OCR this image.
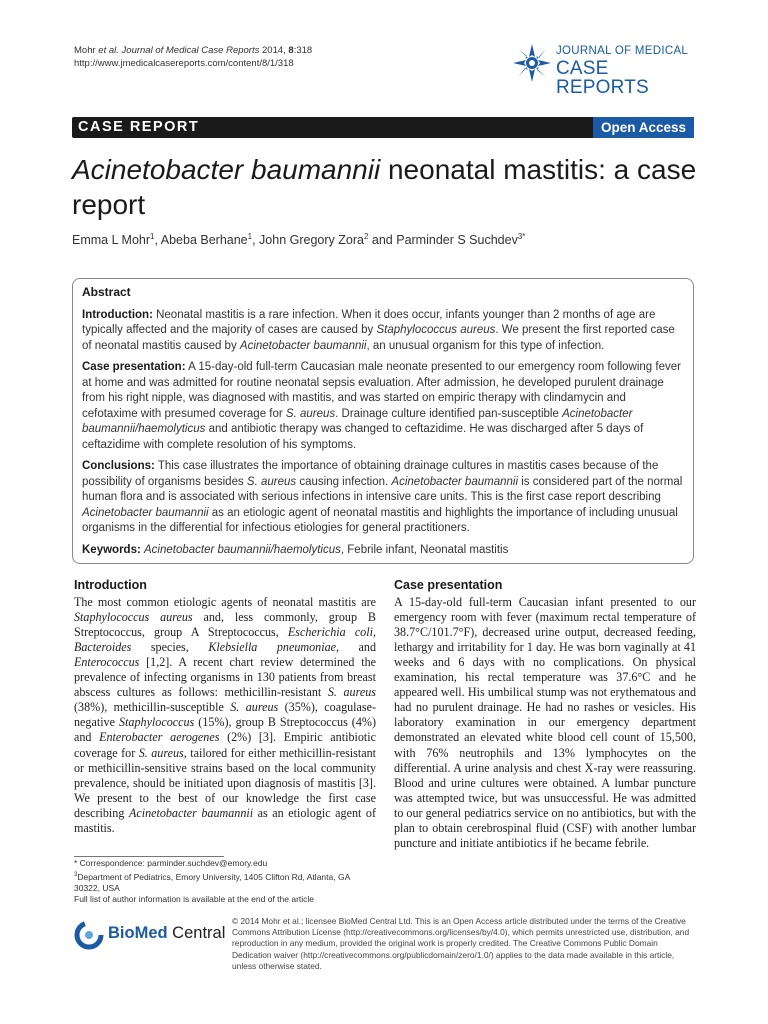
Mohr et al. Journal of Medical Case Reports 2014, 8:318
http://www.jmedicalcasereports.com/content/8/1/318
JOURNAL OF MEDICAL
CASE REPORTS
CASE REPORT	Open Access
Acinetobacter baumannii neonatal mastitis: a case report
Emma L Mohr$^1$, Abeba Berhane$^1$, John Gregory Zora$^2$ and Parminder S Suchdev$^{3*}$
Abstract

Introduction: Neonatal mastitis is a rare infection. When it does occur, infants younger than 2 months of age are typically affected and the majority of cases are caused by Staphylococcus aureus. We present the first reported case of neonatal mastitis caused by Acinetobacter baumannii, an unusual organism for this type of infection.

Case presentation: A 15-day-old full-term Caucasian male neonate presented to our emergency room following fever at home and was admitted for routine neonatal sepsis evaluation. After admission, he developed purulent drainage from his right nipple, was diagnosed with mastitis, and was started on empiric therapy with clindamycin and cefotaxime with presumed coverage for S. aureus. Drainage culture identified pan-susceptible Acinetobacter baumannii/haemolyticus and antibiotic therapy was changed to ceftazidime. He was discharged after 5 days of ceftazidime with complete resolution of his symptoms.

Conclusions: This case illustrates the importance of obtaining drainage cultures in mastitis cases because of the possibility of organisms besides S. aureus causing infection. Acinetobacter baumannii is considered part of the normal human flora and is associated with serious infections in intensive care units. This is the first case report describing Acinetobacter baumannii as an etiologic agent of neonatal mastitis and highlights the importance of including unusual organisms in the differential for infectious etiologies for general practitioners.

Keywords: Acinetobacter baumannii/haemolyticus, Febrile infant, Neonatal mastitis

Introduction

The most common etiologic agents of neonatal mastitis are Staphylococcus aureus and, less commonly, group B Streptococcus, group A Streptococcus, Escherichia coli, Bacteroides species, Klebsiella pneumoniae, and Enterococcus [1,2]. A recent chart review determined the prevalence of infecting organisms in 130 patients from breast abscess cultures as follows: methicillin-resistant S. aureus (38%), methicillin-susceptible S. aureus (35%), coagulase-negative Staphylococcus (15%), group B Streptococcus (4%) and Enterobacter aerogenes (2%) [3]. Empiric antibiotic coverage for S. aureus, tailored for either methicillin-resistant or methicillin-sensitive strains based on the local community prevalence, should be initiated upon diagnosis of mastitis [3]. We present to the best of our knowledge the first case describing Acinetobacter baumannii as an etiologic agent of mastitis.

Case presentation

A 15-day-old full-term Caucasian infant presented to our emergency room with fever (maximum rectal temperature of 38.7°C/101.7°F), decreased urine output, decreased feeding, lethargy and irritability for 1 day. He was born vaginally at 41 weeks and 6 days with no complications. On physical examination, his rectal temperature was 37.6°C and he appeared well. His umbilical stump was not erythematous and had no purulent drainage. He had no rashes or vesicles. His laboratory examination in our emergency department demonstrated an elevated white blood cell count of 15,500, with 76% neutrophils and 13% lymphocytes on the differential. A urine analysis and chest X-ray were reassuring. Blood and urine cultures were obtained. A lumbar puncture was attempted twice, but was unsuccessful. He was admitted to our general pediatrics service on no antibiotics, but with the plan to obtain cerebrospinal fluid (CSF) with another lumbar puncture and initiate antibiotics if he became febrile.

* Correspondence: parminder.suchdev@emory.edu
$^3$Department of Pediatrics, Emory University, 1405 Clifton Rd, Atlanta, GA 30322, USA
Full list of author information is available at the end of the article
BioMed Central
© 2014 Mohr et al.; licensee BioMed Central Ltd. This is an Open Access article distributed under the terms of the Creative Commons Attribution License (http://creativecommons.org/licenses/by/4.0), which permits unrestricted use, distribution, and reproduction in any medium, provided the original work is properly credited. The Creative Commons Public Domain Dedication waiver (http://creativecommons.org/publicdomain/zero/1.0/) applies to the data made available in this article, unless otherwise stated.
